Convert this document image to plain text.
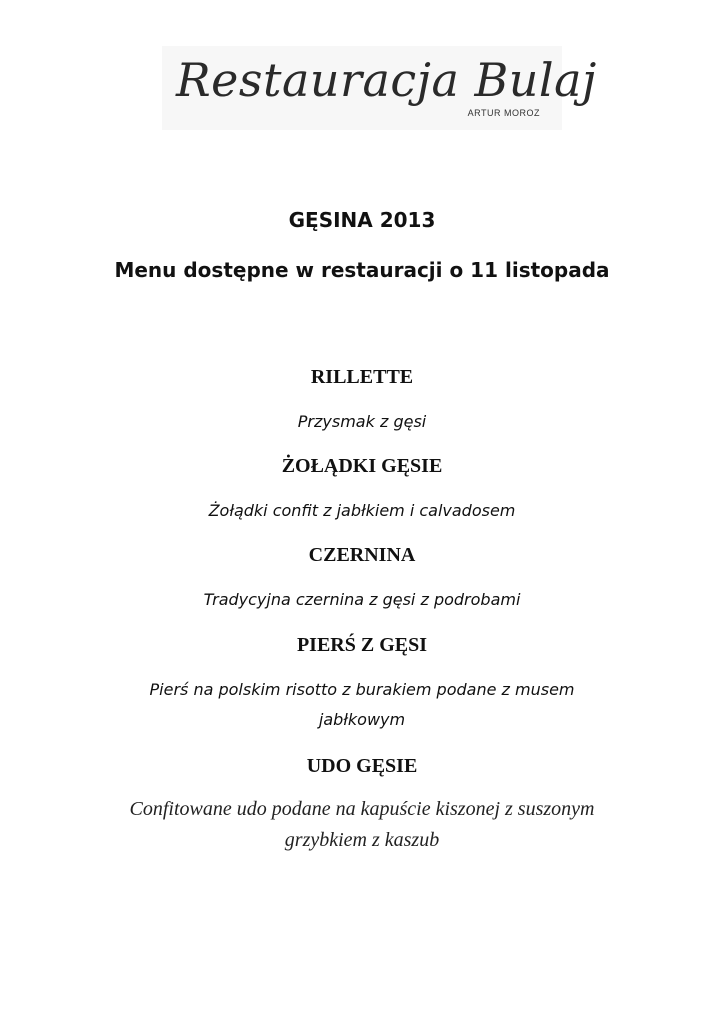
Restauracja Bulaj
ARTUR MOROZ
GĘSINA 2013
Menu dostępne w restauracji o 11 listopada
RILLETTE
Przysmak z gęsi
ŻOŁĄDKI GĘSIE
Żołądki confit z jabłkiem i calvadosem
CZERNINA
Tradycyjna czernina z gęsi z podrobami
PIERŚ Z GĘSI
Pierś na polskim risotto z burakiem podane z musem
jabłkowym
UDO GĘSIE
Confitowane udo podane na kapuście kiszonej z suszonym
grzybkiem z kaszub
